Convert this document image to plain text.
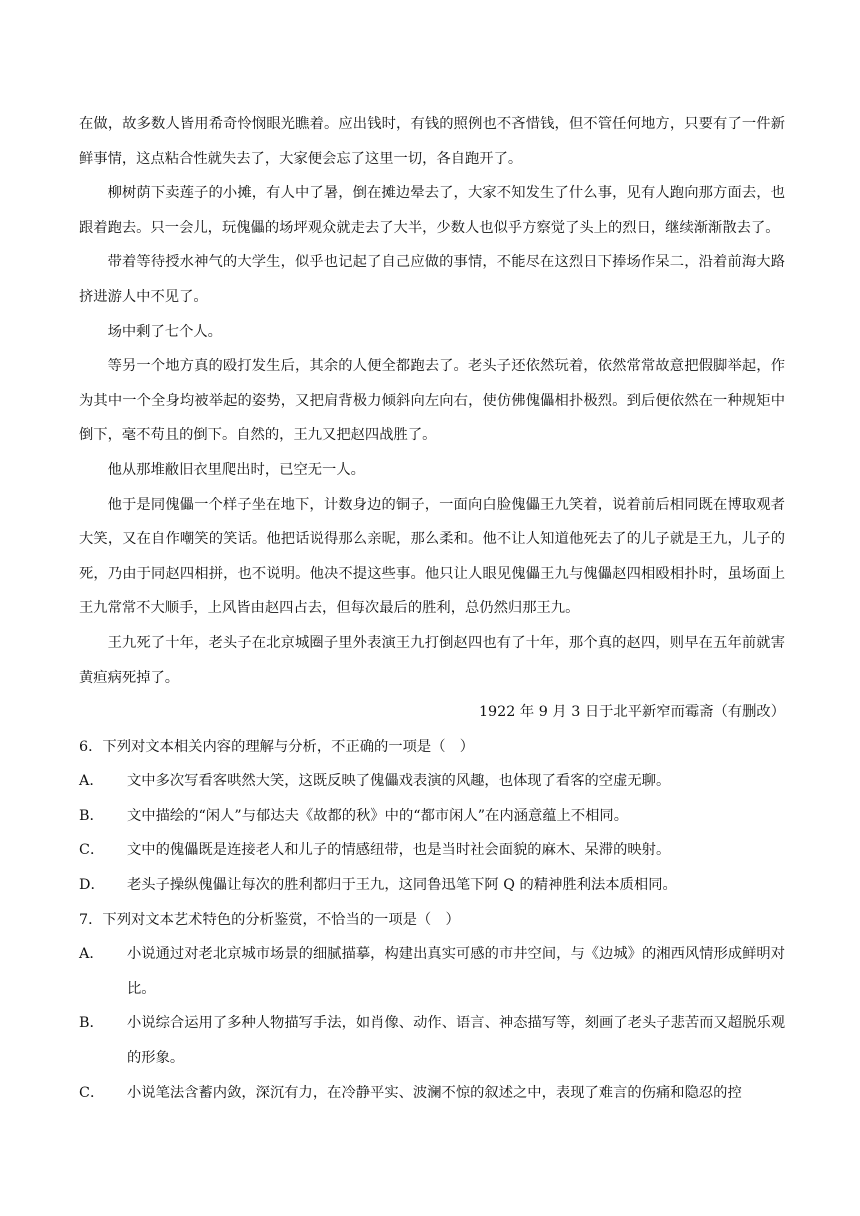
在做，故多数人皆用希奇怜悯眼光瞧着。应出钱时，有钱的照例也不吝惜钱，但不管任何地方，只要有了一件新鲜事情，这点粘合性就失去了，大家便会忘了这里一切，各自跑开了。

柳树荫下卖莲子的小摊，有人中了暑，倒在摊边晕去了，大家不知发生了什么事，见有人跑向那方面去，也跟着跑去。只一会儿，玩傀儡的场坪观众就走去了大半，少数人也似乎方察觉了头上的烈日，继续渐渐散去了。

带着等待授水神气的大学生，似乎也记起了自己应做的事情，不能尽在这烈日下捧场作呆二，沿着前海大路挤进游人中不见了。

场中剩了七个人。

等另一个地方真的殴打发生后，其余的人便全都跑去了。老头子还依然玩着，依然常常故意把假脚举起，作为其中一个全身均被举起的姿势，又把肩背极力倾斜向左向右，使仿佛傀儡相扑极烈。到后便依然在一种规矩中倒下，毫不苟且的倒下。自然的，王九又把赵四战胜了。

他从那堆敝旧衣里爬出时，已空无一人。

他于是同傀儡一个样子坐在地下，计数身边的铜子，一面向白脸傀儡王九笑着，说着前后相同既在博取观者大笑，又在自作嘲笑的笑话。他把话说得那么亲昵，那么柔和。他不让人知道他死去了的儿子就是王九，儿子的死，乃由于同赵四相拼，也不说明。他决不提这些事。他只让人眼见傀儡王九与傀儡赵四相殴相扑时，虽场面上王九常常不大顺手，上风皆由赵四占去，但每次最后的胜利，总仍然归那王九。

王九死了十年，老头子在北京城圈子里外表演王九打倒赵四也有了十年，那个真的赵四，则早在五年前就害黄疸病死掉了。

1922 年 9 月 3 日于北平新窄而霉斋（有删改）

6．下列对文本相关内容的理解与分析，不正确的一项是（　）

A． 文中多次写看客哄然大笑，这既反映了傀儡戏表演的风趣，也体现了看客的空虚无聊。

B． 文中描绘的“闲人”与郁达夫《故都的秋》中的“都市闲人”在内涵意蕴上不相同。

C． 文中的傀儡既是连接老人和儿子的情感纽带，也是当时社会面貌的麻木、呆滞的映射。

D． 老头子操纵傀儡让每次的胜利都归于王九，这同鲁迅笔下阿 Q 的精神胜利法本质相同。

7．下列对文本艺术特色的分析鉴赏，不恰当的一项是（　）

A． 小说通过对老北京城市场景的细腻描摹，构建出真实可感的市井空间，与《边城》的湘西风情形成鲜明对比。

B． 小说综合运用了多种人物描写手法，如肖像、动作、语言、神态描写等，刻画了老头子悲苦而又超脱乐观的形象。

C． 小说笔法含蓄内敛，深沉有力，在冷静平实、波澜不惊的叙述之中，表现了难言的伤痛和隐忍的控
